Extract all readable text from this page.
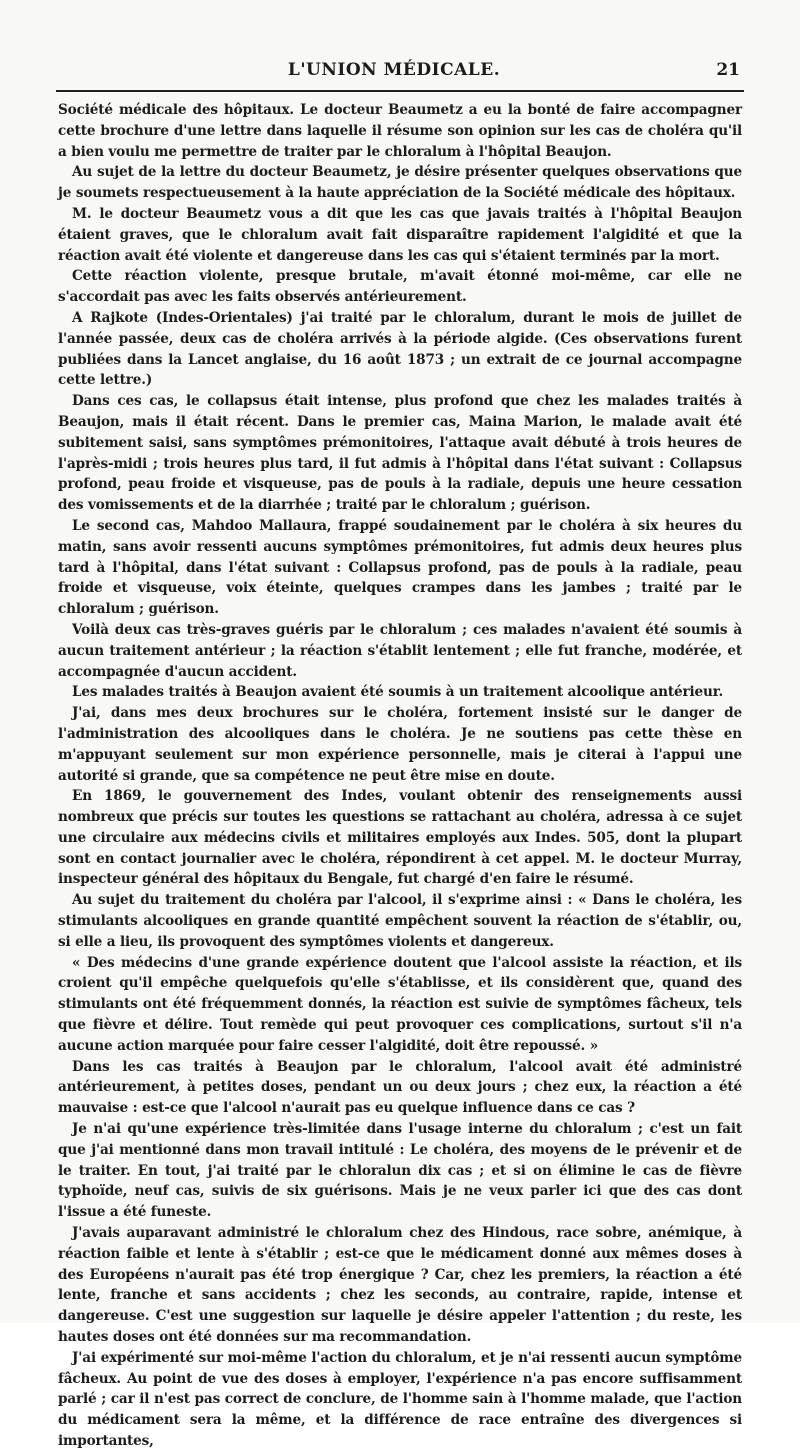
L'UNION MÉDICALE.	21

Société médicale des hôpitaux. Le docteur Beaumetz a eu la bonté de faire accompagner cette brochure d'une lettre dans laquelle il résume son opinion sur les cas de choléra qu'il a bien voulu me permettre de traiter par le chloralum à l'hôpital Beaujon.

Au sujet de la lettre du docteur Beaumetz, je désire présenter quelques observations que je soumets respectueusement à la haute appréciation de la Société médicale des hôpitaux.

M. le docteur Beaumetz vous a dit que les cas que javais traités à l'hôpital Beaujon étaient graves, que le chloralum avait fait disparaître rapidement l'algidité et que la réaction avait été violente et dangereuse dans les cas qui s'étaient terminés par la mort.

Cette réaction violente, presque brutale, m'avait étonné moi-même, car elle ne s'accordait pas avec les faits observés antérieurement.

A Rajkote (Indes-Orientales) j'ai traité par le chloralum, durant le mois de juillet de l'année passée, deux cas de choléra arrivés à la période algide. (Ces observations furent publiées dans la Lancet anglaise, du 16 août 1873 ; un extrait de ce journal accompagne cette lettre.)

Dans ces cas, le collapsus était intense, plus profond que chez les malades traités à Beaujon, mais il était récent. Dans le premier cas, Maina Marion, le malade avait été subitement saisi, sans symptômes prémonitoires, l'attaque avait débuté à trois heures de l'après-midi ; trois heures plus tard, il fut admis à l'hôpital dans l'état suivant : Collapsus profond, peau froide et visqueuse, pas de pouls à la radiale, depuis une heure cessation des vomissements et de la diarrhée ; traité par le chloralum ; guérison.

Le second cas, Mahdoo Mallaura, frappé soudainement par le choléra à six heures du matin, sans avoir ressenti aucuns symptômes prémonitoires, fut admis deux heures plus tard à l'hôpital, dans l'état suivant : Collapsus profond, pas de pouls à la radiale, peau froide et visqueuse, voix éteinte, quelques crampes dans les jambes ; traité par le chloralum ; guérison.

Voilà deux cas très-graves guéris par le chloralum ; ces malades n'avaient été soumis à aucun traitement antérieur ; la réaction s'établit lentement ; elle fut franche, modérée, et accompagnée d'aucun accident.

Les malades traités à Beaujon avaient été soumis à un traitement alcoolique antérieur.

J'ai, dans mes deux brochures sur le choléra, fortement insisté sur le danger de l'administration des alcooliques dans le choléra. Je ne soutiens pas cette thèse en m'appuyant seulement sur mon expérience personnelle, mais je citerai à l'appui une autorité si grande, que sa compétence ne peut être mise en doute.

En 1869, le gouvernement des Indes, voulant obtenir des renseignements aussi nombreux que précis sur toutes les questions se rattachant au choléra, adressa à ce sujet une circulaire aux médecins civils et militaires employés aux Indes. 505, dont la plupart sont en contact journalier avec le choléra, répondirent à cet appel. M. le docteur Murray, inspecteur général des hôpitaux du Bengale, fut chargé d'en faire le résumé.

Au sujet du traitement du choléra par l'alcool, il s'exprime ainsi : « Dans le choléra, les stimulants alcooliques en grande quantité empêchent souvent la réaction de s'établir, ou, si elle a lieu, ils provoquent des symptômes violents et dangereux.

« Des médecins d'une grande expérience doutent que l'alcool assiste la réaction, et ils croient qu'il empêche quelquefois qu'elle s'établisse, et ils considèrent que, quand des stimulants ont été fréquemment donnés, la réaction est suivie de symptômes fâcheux, tels que fièvre et délire. Tout remède qui peut provoquer ces complications, surtout s'il n'a aucune action marquée pour faire cesser l'algidité, doit être repoussé. »

Dans les cas traités à Beaujon par le chloralum, l'alcool avait été administré antérieurement, à petites doses, pendant un ou deux jours ; chez eux, la réaction a été mauvaise : est-ce que l'alcool n'aurait pas eu quelque influence dans ce cas ?

Je n'ai qu'une expérience très-limitée dans l'usage interne du chloralum ; c'est un fait que j'ai mentionné dans mon travail intitulé : Le choléra, des moyens de le prévenir et de le traiter. En tout, j'ai traité par le chloralun dix cas ; et si on élimine le cas de fièvre typhoïde, neuf cas, suivis de six guérisons. Mais je ne veux parler ici que des cas dont l'issue a été funeste.

J'avais auparavant administré le chloralum chez des Hindous, race sobre, anémique, à réaction faible et lente à s'établir ; est-ce que le médicament donné aux mêmes doses à des Européens n'aurait pas été trop énergique ? Car, chez les premiers, la réaction a été lente, franche et sans accidents ; chez les seconds, au contraire, rapide, intense et dangereuse. C'est une suggestion sur laquelle je désire appeler l'attention ; du reste, les hautes doses ont été données sur ma recommandation.

J'ai expérimenté sur moi-même l'action du chloralum, et je n'ai ressenti aucun symptôme fâcheux. Au point de vue des doses à employer, l'expérience n'a pas encore suffisamment parlé ; car il n'est pas correct de conclure, de l'homme sain à l'homme malade, que l'action du médicament sera la même, et la différence de race entraîne des divergences si importantes,
